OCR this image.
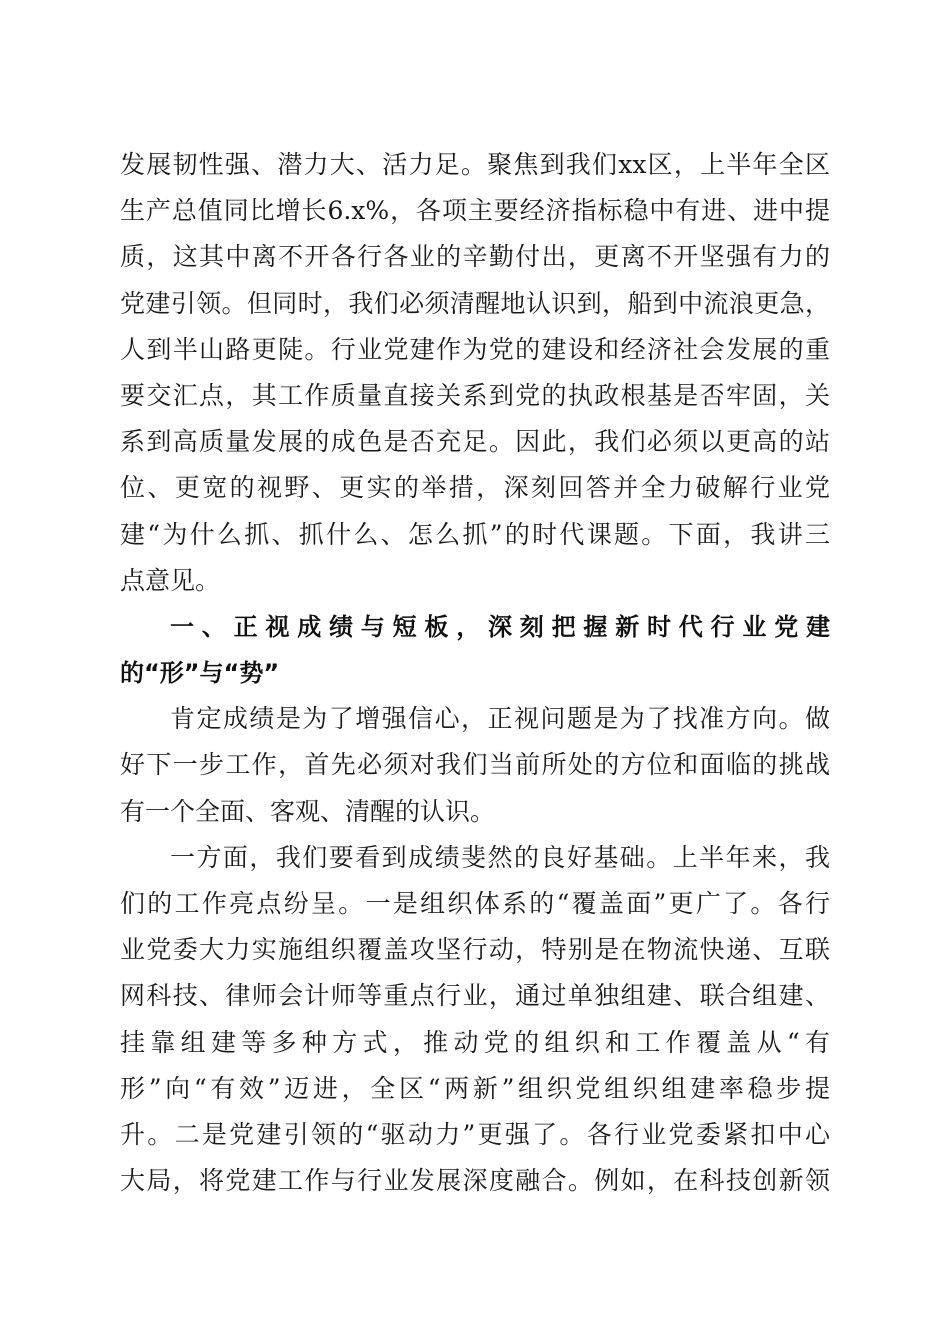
发展韧性强、潜力大、活力足。聚焦到我们xx区，上半年全区
生产总值同比增长6.x%，各项主要经济指标稳中有进、进中提
质，这其中离不开各行各业的辛勤付出，更离不开坚强有力的
党建引领。但同时，我们必须清醒地认识到，船到中流浪更急，
人到半山路更陡。行业党建作为党的建设和经济社会发展的重
要交汇点，其工作质量直接关系到党的执政根基是否牢固，关
系到高质量发展的成色是否充足。因此，我们必须以更高的站
位、更宽的视野、更实的举措，深刻回答并全力破解行业党
建“为什么抓、抓什么、怎么抓”的时代课题。下面，我讲三
点意见。
一、正视成绩与短板，深刻把握新时代行业党建
的“形”与“势”
肯定成绩是为了增强信心，正视问题是为了找准方向。做
好下一步工作，首先必须对我们当前所处的方位和面临的挑战
有一个全面、客观、清醒的认识。
一方面，我们要看到成绩斐然的良好基础。上半年来，我
们的工作亮点纷呈。一是组织体系的“覆盖面”更广了。各行
业党委大力实施组织覆盖攻坚行动，特别是在物流快递、互联
网科技、律师会计师等重点行业，通过单独组建、联合组建、
挂靠组建等多种方式，推动党的组织和工作覆盖从“有
形”向“有效”迈进，全区“两新”组织党组织组建率稳步提
升。二是党建引领的“驱动力”更强了。各行业党委紧扣中心
大局，将党建工作与行业发展深度融合。例如，在科技创新领
